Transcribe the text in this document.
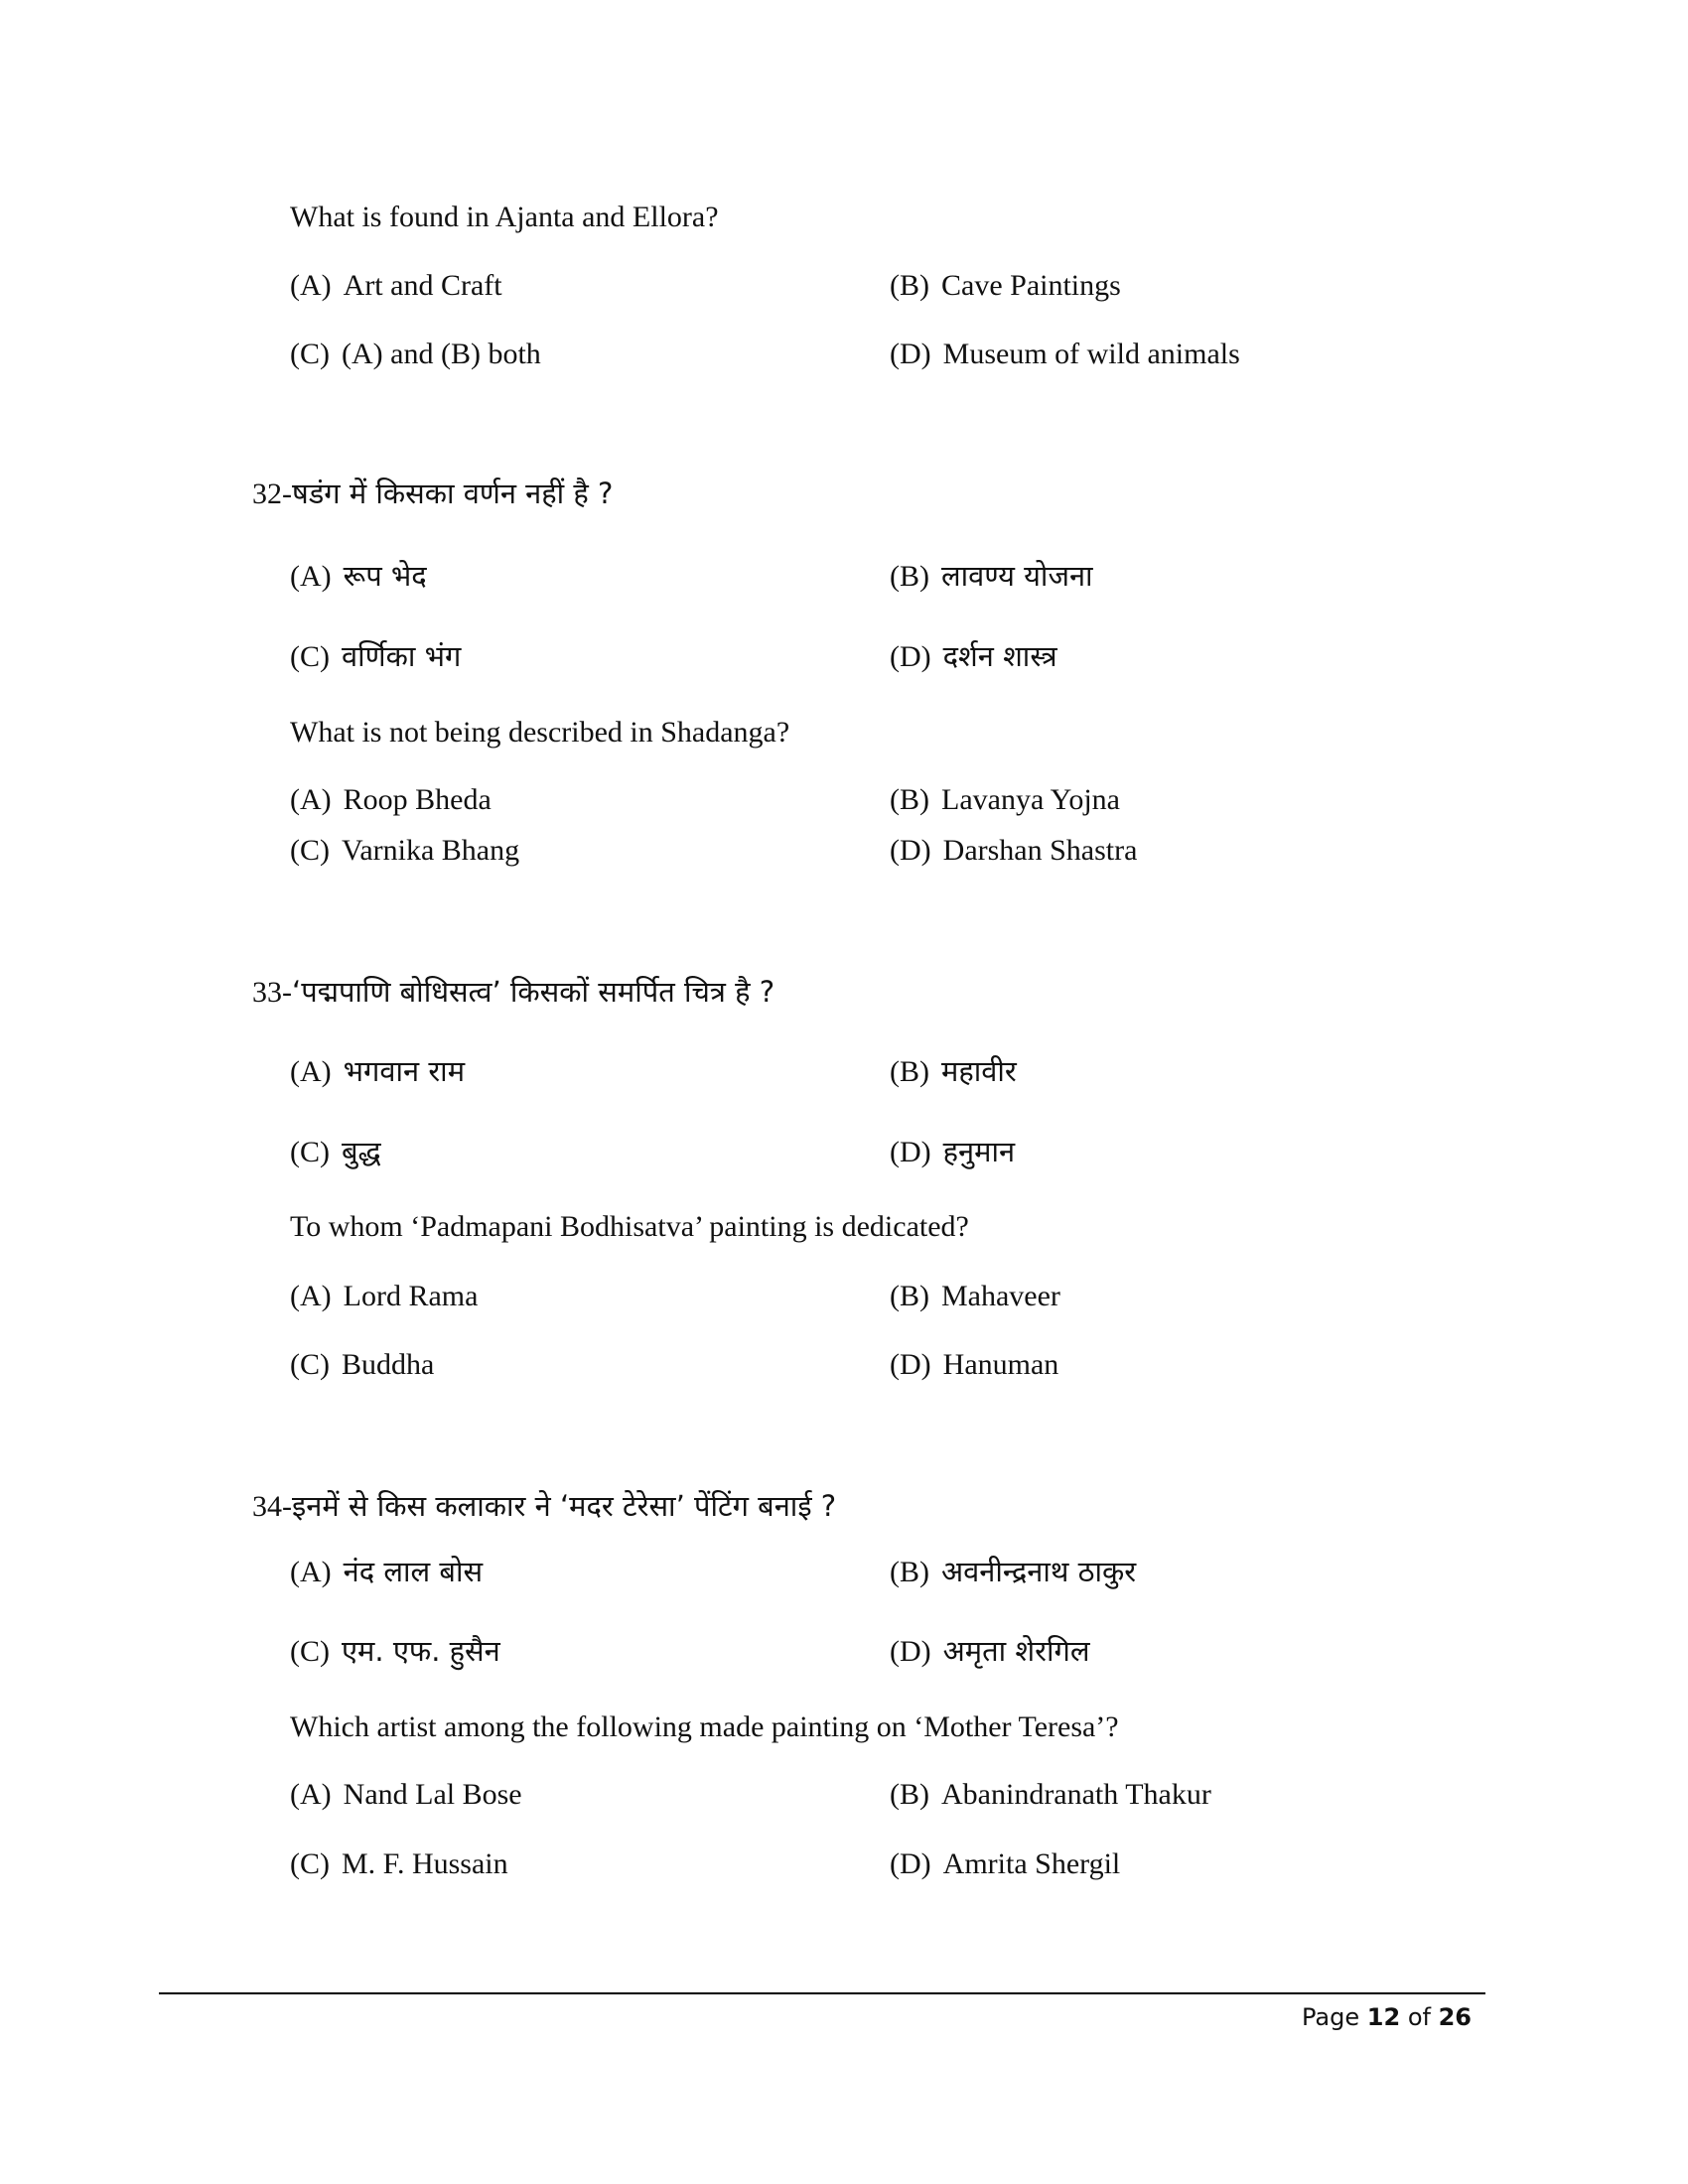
What is found in Ajanta and Ellora?
(A) Art and Craft	(B) Cave Paintings
(C) (A) and (B) both	(D) Museum of wild animals
32-षडंग में किसका वर्णन नहीं है ?
(A) रूप भेद	(B) लावण्य योजना
(C) वर्णिका भंग	(D) दर्शन शास्त्र
What is not being described in Shadanga?
(A) Roop Bheda	(B) Lavanya Yojna
(C) Varnika Bhang	(D) Darshan Shastra
33-‘पद्मपाणि बोधिसत्व’ किसकों समर्पित चित्र है ?
(A) भगवान राम	(B) महावीर
(C) बुद्ध	(D) हनुमान
To whom ‘Padmapani Bodhisatva’ painting is dedicated?
(A) Lord Rama	(B) Mahaveer
(C) Buddha	(D) Hanuman
34-इनमें से किस कलाकार ने ‘मदर टेरेसा’ पेंटिंग बनाई ?
(A) नंद लाल बोस	(B) अवनीन्द्रनाथ ठाकुर
(C) एम. एफ. हुसैन	(D) अमृता शेरगिल
Which artist among the following made painting on ‘Mother Teresa’?
(A) Nand Lal Bose	(B) Abanindranath Thakur
(C) M. F. Hussain	(D) Amrita Shergil
Page 12 of 26
